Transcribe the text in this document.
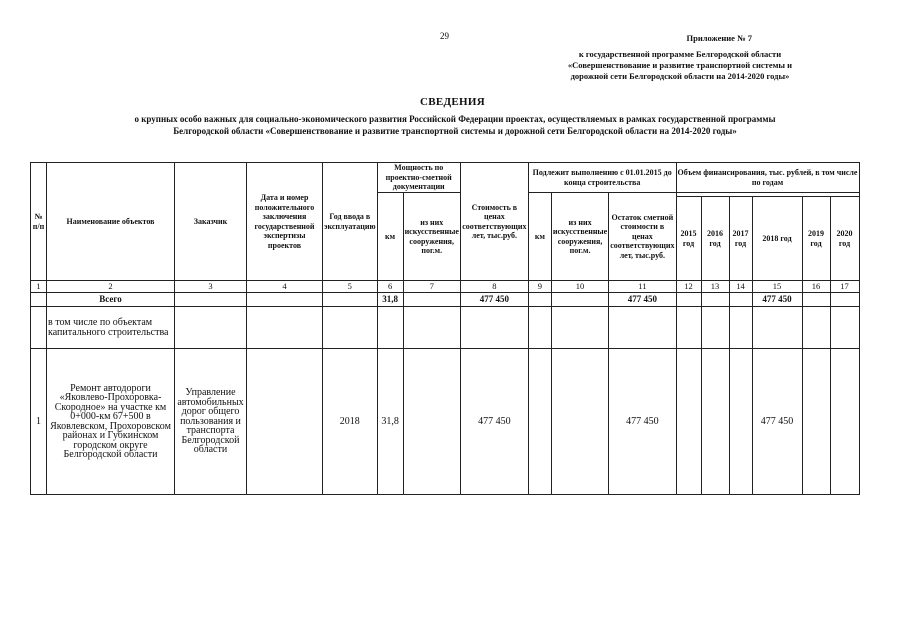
29	Приложение № 7
к государственной программе Белгородской области
«Совершенствование и развитие транспортной системы и
дорожной сети Белгородской области на 2014-2020 годы»
СВЕДЕНИЯ
о крупных особо важных для социально-экономического развития Российской Федерации проектах, осуществляемых в рамках государственной программы
Белгородской области «Совершенствование и развитие транспортной системы и дорожной сети Белгородской области на 2014-2020 годы»
№ п/п	Наименование объектов	Заказчик	Дата и номер положительного заключения государственной экспертизы проектов	Год ввода в эксплуатацию	Мощность по проектно-сметной документации		Стоимость в ценах соответствующих лет, тыс.руб.	Подлежит выполнению с 01.01.2015 до конца строительства			Объем финансирования, тыс. рублей, в том числе по годам					
					км	из них искусственные сооружения, пог.м.		км	из них искусственные сооружения, пог.м.	Остаток сметной стоимости в ценах соответствующих лет, тыс.руб.						
											2015 год	2016 год	2017 год	2018 год	2019 год	2020 год
1	2	3	4	5	6	7	8	9	10	11	12	13	14	15	16	17
	Всего				31,8		477 450			477 450				477 450		
	в том числе по объектам капитального строительства															
1	Ремонт автодороги «Яковлево-Прохоровка-Скородное» на участке км 0+000-км 67+500 в Яковлевском, Прохоровском районах и Губкинском городском округе Белгородской области	Управление автомобильных дорог общего пользования и транспорта Белгородской области		2018	31,8		477 450			477 450				477 450		
